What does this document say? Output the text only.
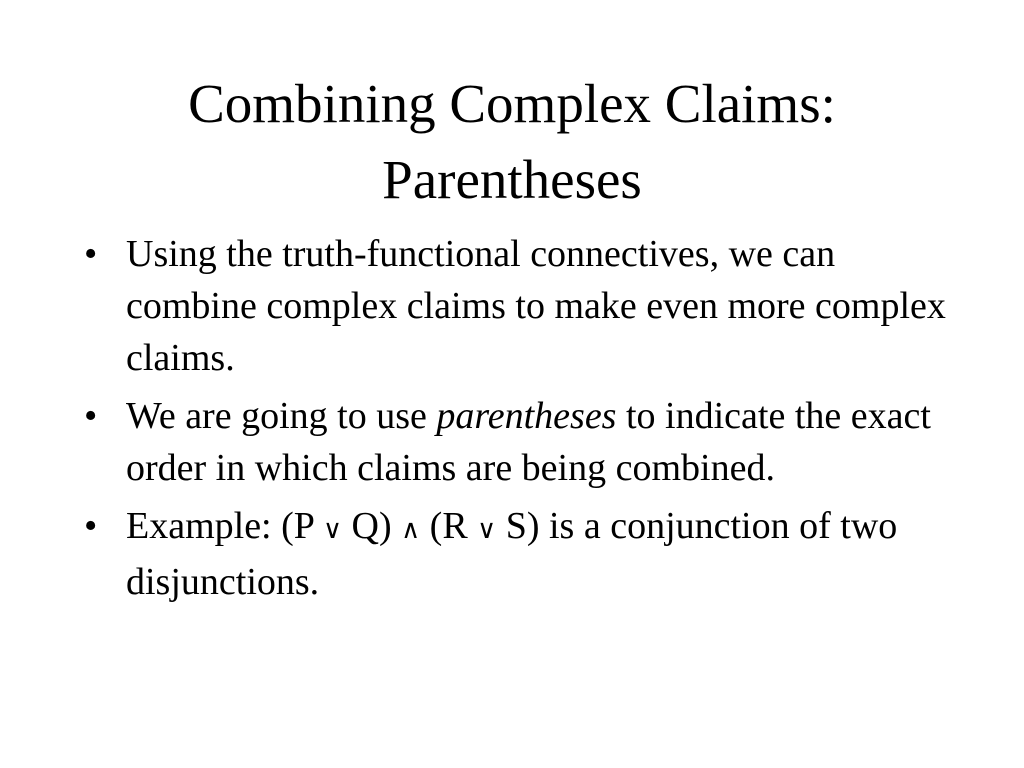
Combining Complex Claims:
Parentheses
• Using the truth-functional connectives, we can combine complex claims to make even more complex claims.
• We are going to use parentheses to indicate the exact order in which claims are being combined.
• Example: (P ∨ Q) ∧ (R ∨ S) is a conjunction of two disjunctions.
